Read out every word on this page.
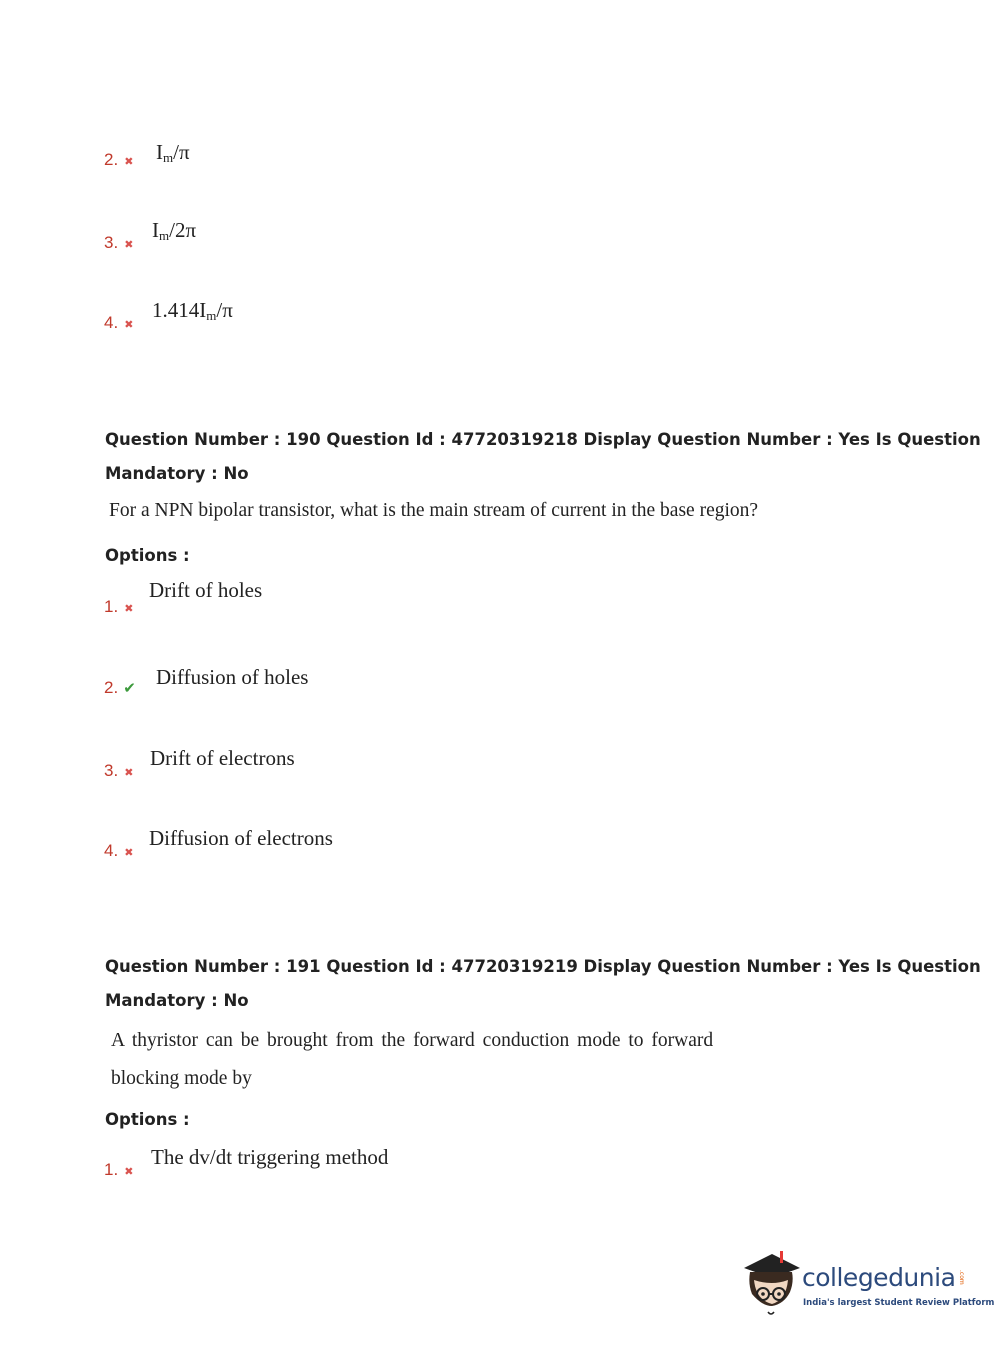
2. ✖ $I_m/\pi$
3. ✖
$I_m/2\pi$
4. ✖
$1.414I_m/\pi$
Question Number : 190 Question Id : 47720319218 Display Question Number : Yes Is Question
Mandatory : No
For a NPN bipolar transistor, what is the main stream of current in the base region?
Options :
1. ✖
Drift of holes
2. ✔ Diffusion of holes
3. ✖
Drift of electrons
4. ✖
Diffusion of electrons
Question Number : 191 Question Id : 47720319219 Display Question Number : Yes Is Question
Mandatory : No
A thyristor can be brought from the forward conduction mode to forward
blocking mode by
Options :
1. ✖
The dv/dt triggering method
collegedunia .com
India's largest Student Review Platform
